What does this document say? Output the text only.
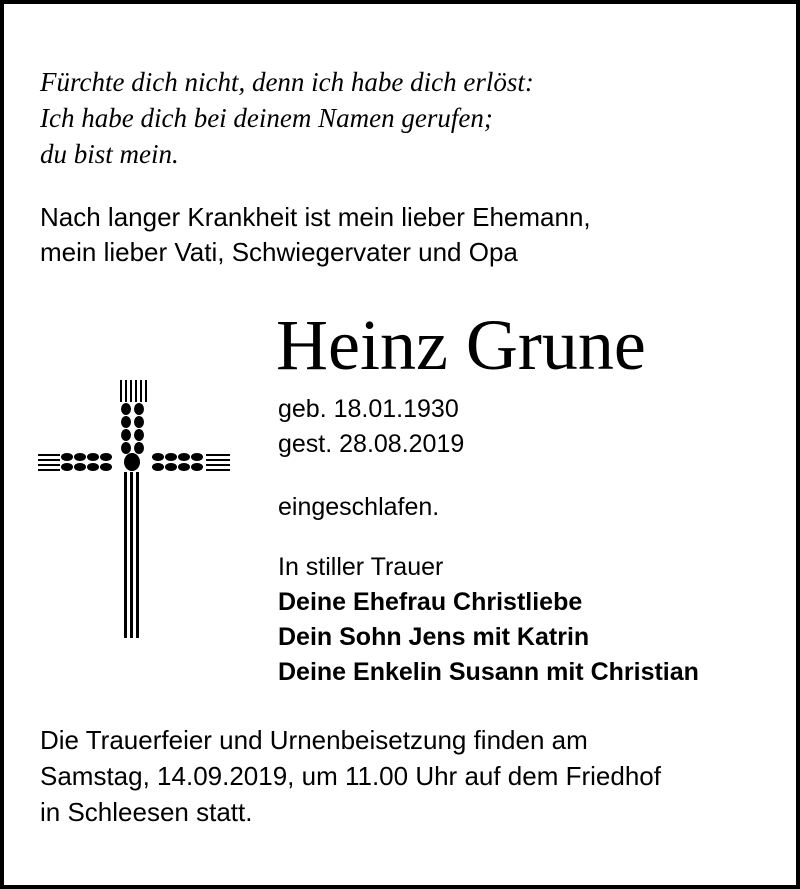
Fürchte dich nicht, denn ich habe dich erlöst:
Ich habe dich bei deinem Namen gerufen;
du bist mein.
Nach langer Krankheit ist mein lieber Ehemann,
mein lieber Vati, Schwiegervater und Opa
Heinz Grune
geb. 18.01.1930
gest. 28.08.2019
eingeschlafen.
In stiller Trauer
Deine Ehefrau Christliebe
Dein Sohn Jens mit Katrin
Deine Enkelin Susann mit Christian
Die Trauerfeier und Urnenbeisetzung finden am
Samstag, 14.09.2019, um 11.00 Uhr auf dem Friedhof
in Schleesen statt.
